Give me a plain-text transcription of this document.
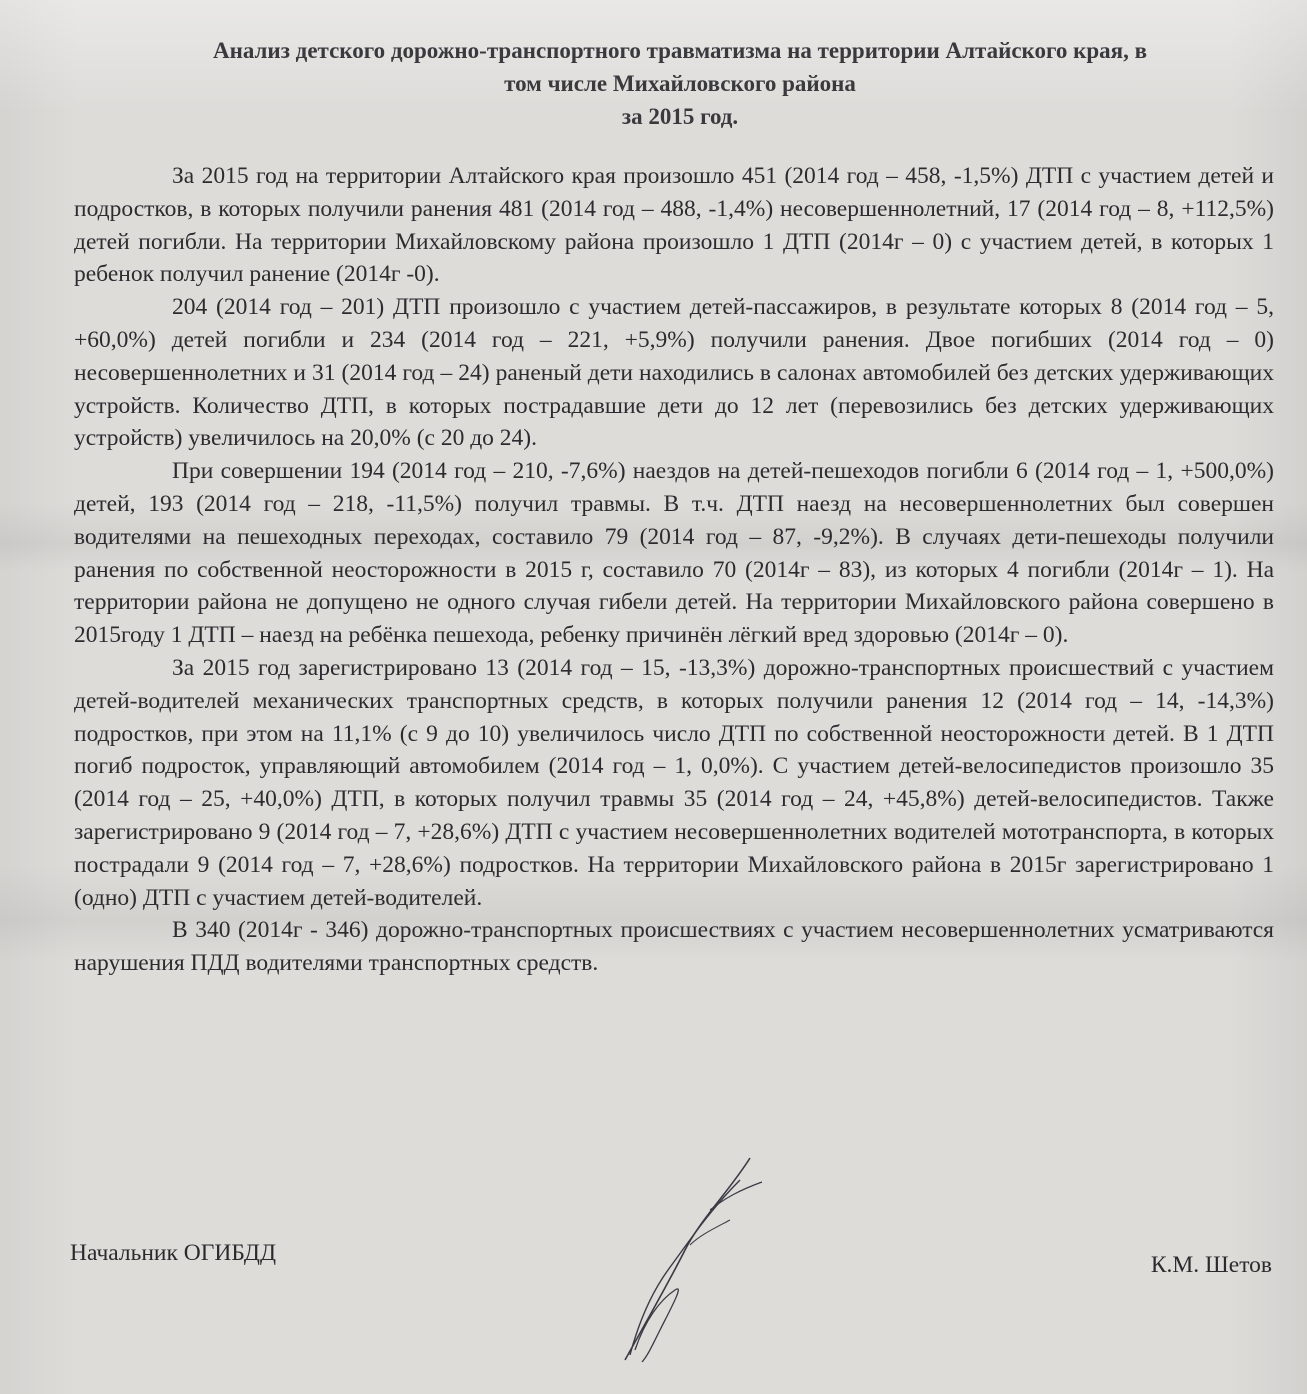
Анализ детского дорожно-транспортного травматизма на территории Алтайского края, в
том числе Михайловского района
за 2015 год.

За 2015 год на территории Алтайского края произошло 451 (2014 год – 458, -1,5%) ДТП с участием детей и подростков, в которых получили ранения 481 (2014 год – 488, -1,4%) несовершеннолетний, 17 (2014 год – 8, +112,5%) детей погибли. На территории Михайловскому района произошло 1 ДТП (2014г – 0) с участием детей, в которых 1 ребенок получил ранение (2014г -0).

204 (2014 год – 201) ДТП произошло с участием детей-пассажиров, в результате которых 8 (2014 год – 5, +60,0%) детей погибли и 234 (2014 год – 221, +5,9%) получили ранения. Двое погибших (2014 год – 0) несовершеннолетних и 31 (2014 год – 24) раненый дети находились в салонах автомобилей без детских удерживающих устройств. Количество ДТП, в которых пострадавшие дети до 12 лет (перевозились без детских удерживающих устройств) увеличилось на 20,0% (с 20 до 24).

При совершении 194 (2014 год – 210, -7,6%) наездов на детей-пешеходов погибли 6 (2014 год – 1, +500,0%) детей, 193 (2014 год – 218, -11,5%) получил травмы. В т.ч. ДТП наезд на несовершеннолетних был совершен водителями на пешеходных переходах, составило 79 (2014 год – 87, -9,2%). В случаях дети-пешеходы получили ранения по собственной неосторожности в 2015 г, составило 70 (2014г – 83), из которых 4 погибли (2014г – 1). На территории района не допущено не одного случая гибели детей. На территории Михайловского района совершено в 2015году 1 ДТП – наезд на ребёнка пешехода, ребенку причинён лёгкий вред здоровью (2014г – 0).

За 2015 год зарегистрировано 13 (2014 год – 15, -13,3%) дорожно-транспортных происшествий с участием детей-водителей механических транспортных средств, в которых получили ранения 12 (2014 год – 14, -14,3%) подростков, при этом на 11,1% (с 9 до 10) увеличилось число ДТП по собственной неосторожности детей. В 1 ДТП погиб подросток, управляющий автомобилем (2014 год – 1, 0,0%). С участием детей-велосипедистов произошло 35 (2014 год – 25, +40,0%) ДТП, в которых получил травмы 35 (2014 год – 24, +45,8%) детей-велосипедистов. Также зарегистрировано 9 (2014 год – 7, +28,6%) ДТП с участием несовершеннолетних водителей мототранспорта, в которых пострадали 9 (2014 год – 7, +28,6%) подростков. На территории Михайловского района в 2015г зарегистрировано 1 (одно) ДТП с участием детей-водителей.

В 340 (2014г - 346) дорожно-транспортных происшествиях с участием несовершеннолетних усматриваются нарушения ПДД водителями транспортных средств.

Начальник ОГИБДД	К.М. Шетов
